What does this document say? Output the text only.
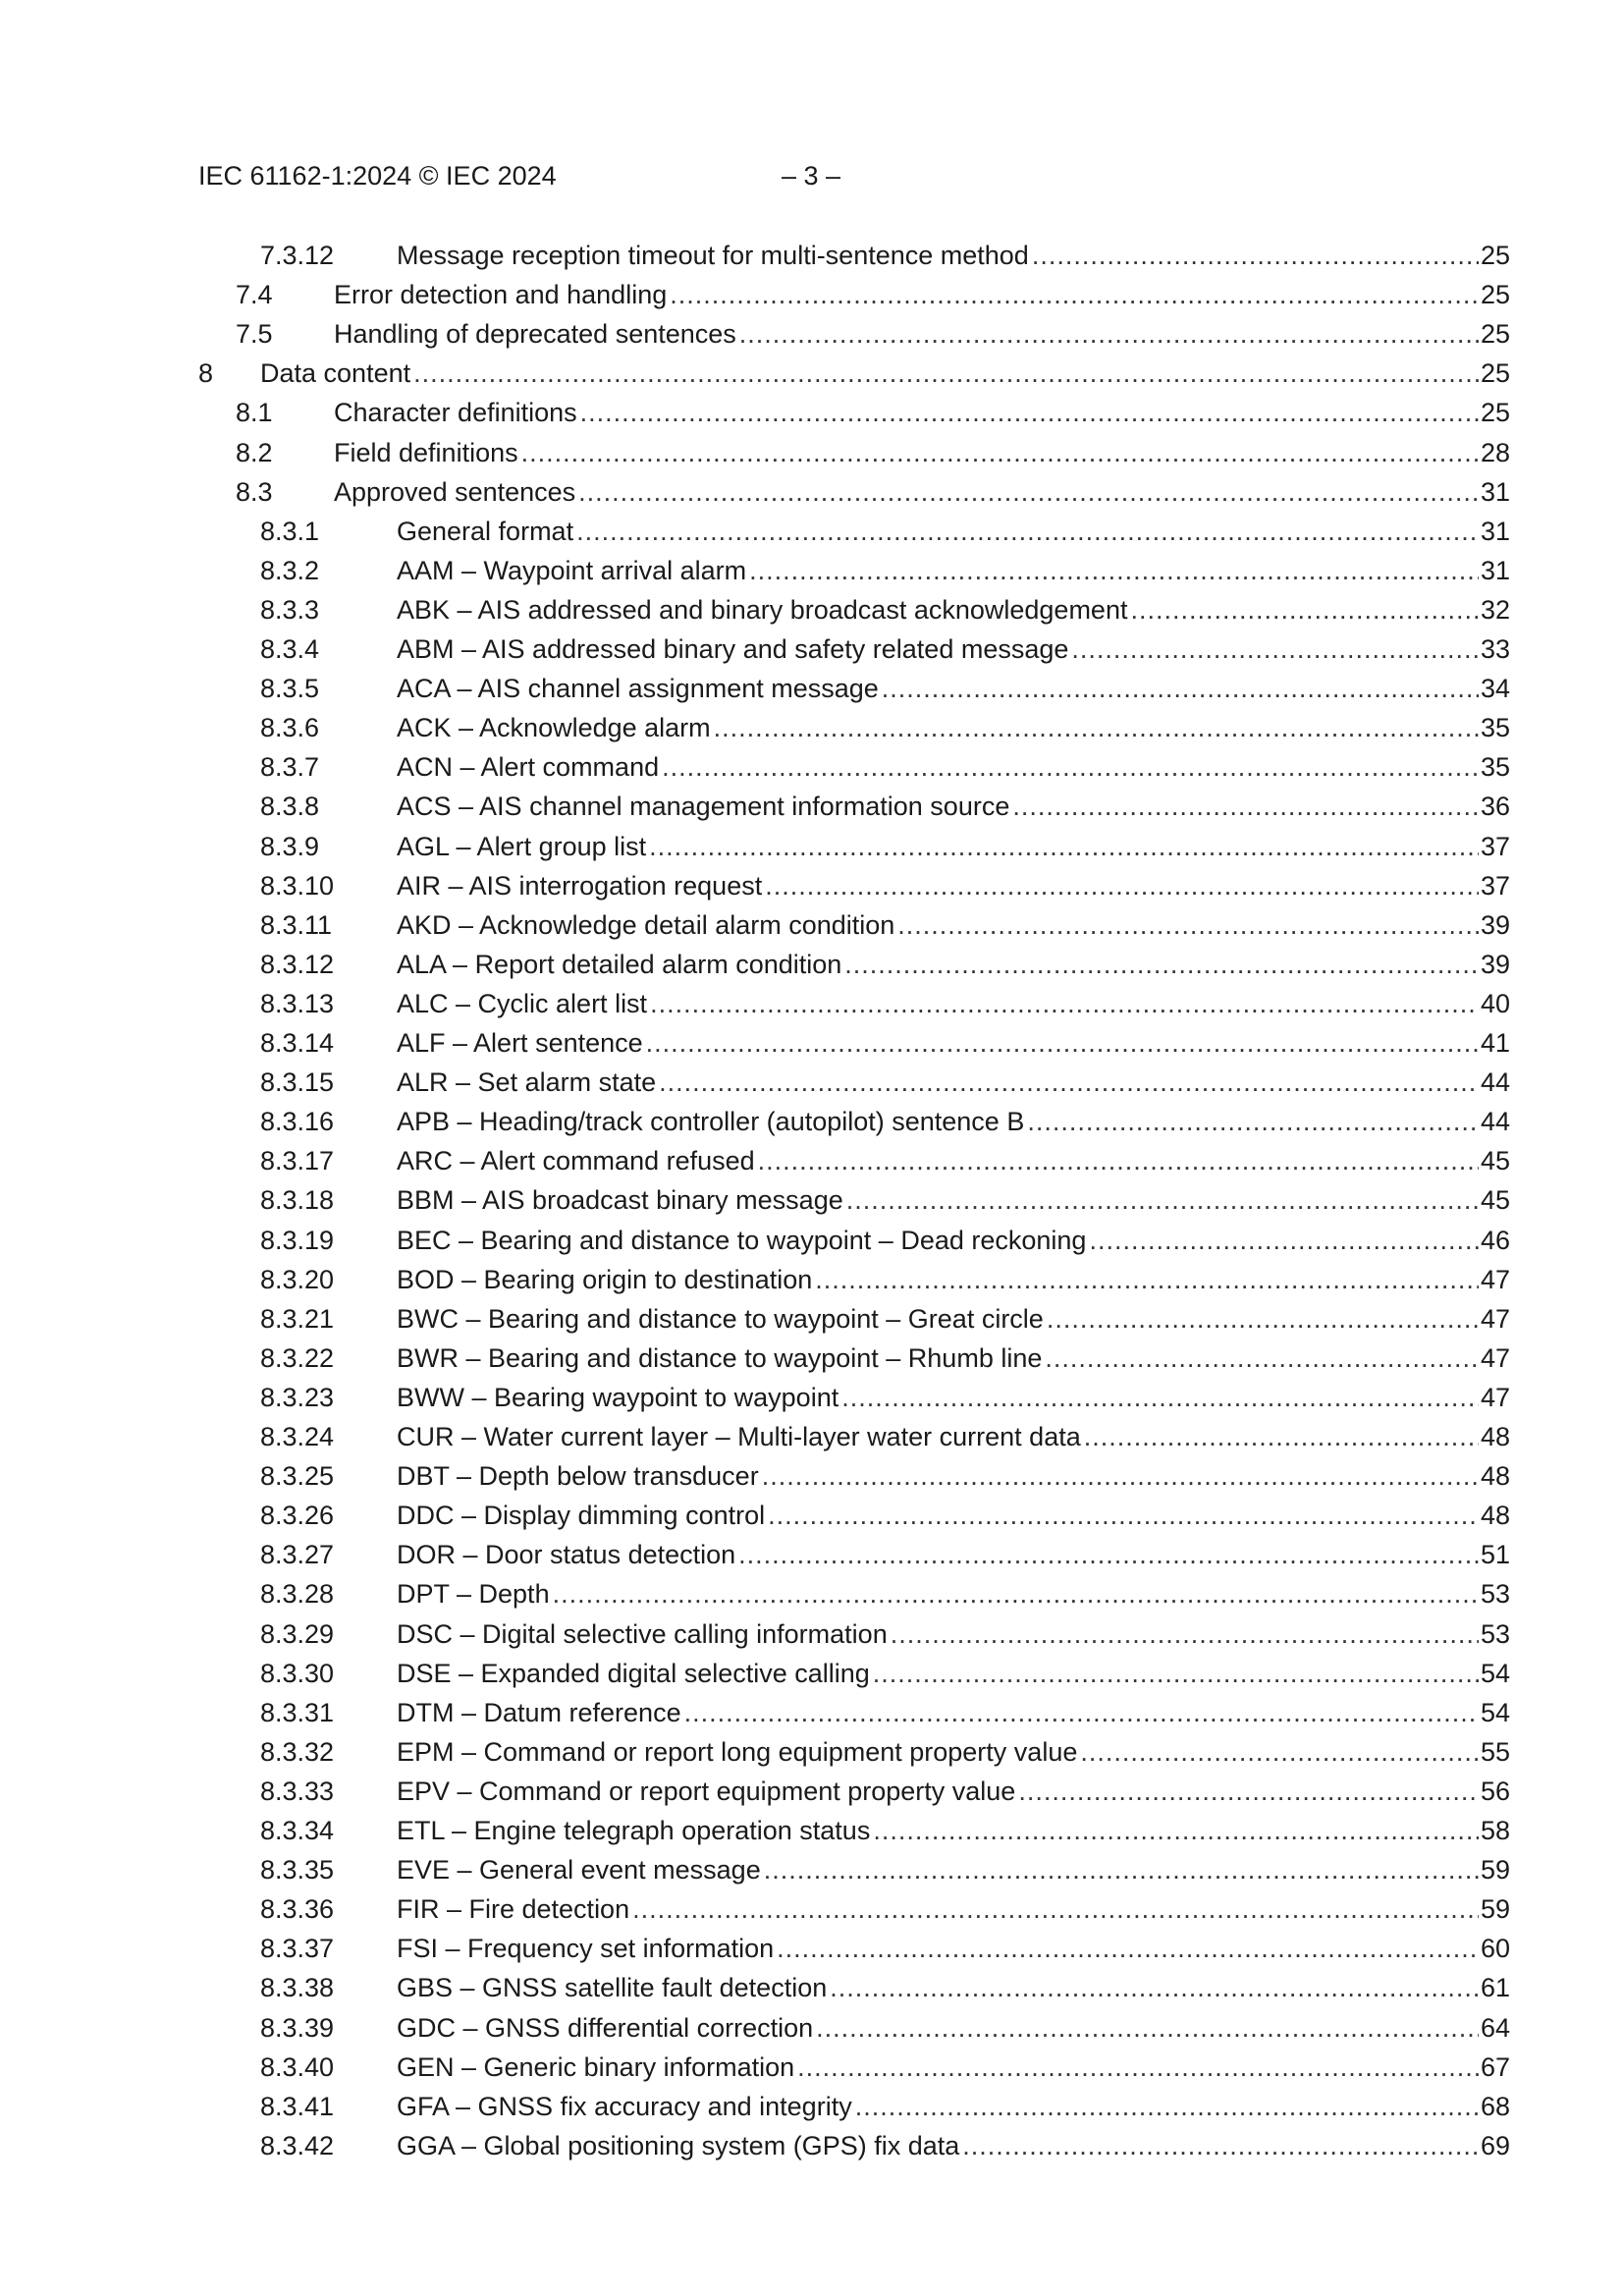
IEC 61162-1:2024 © IEC 2024	– 3 –
7.3.12 Message reception timeout for multi-sentence method .....	25
7.4 Error detection and handling .....	25
7.5 Handling of deprecated sentences .....	25
8 Data content .....	25
8.1 Character definitions .....	25
8.2 Field definitions .....	28
8.3 Approved sentences .....	31
8.3.1	General format .....	31
8.3.2	AAM – Waypoint arrival alarm .....	31
8.3.3	ABK – AIS addressed and binary broadcast acknowledgement .....	32
8.3.4	ABM – AIS addressed binary and safety related message .....	33
8.3.5	ACA – AIS channel assignment message .....	34
8.3.6	ACK – Acknowledge alarm .....	35
8.3.7	ACN – Alert command .....	35
8.3.8	ACS – AIS channel management information source .....	36
8.3.9	AGL – Alert group list .....	37
8.3.10 AIR – AIS interrogation request .....	37
8.3.11 AKD – Acknowledge detail alarm condition .....	39
8.3.12 ALA – Report detailed alarm condition .....	39
8.3.13 ALC – Cyclic alert list .....	40
8.3.14 ALF – Alert sentence .....	41
8.3.15 ALR – Set alarm state .....	44
8.3.16 APB – Heading/track controller (autopilot) sentence B .....	44
8.3.17 ARC – Alert command refused .....	45
8.3.18 BBM – AIS broadcast binary message .....	45
8.3.19 BEC – Bearing and distance to waypoint – Dead reckoning .....	46
8.3.20 BOD – Bearing origin to destination .....	47
8.3.21 BWC – Bearing and distance to waypoint – Great circle .....	47
8.3.22 BWR – Bearing and distance to waypoint – Rhumb line .....	47
8.3.23 BWW – Bearing waypoint to waypoint .....	47
8.3.24 CUR – Water current layer – Multi-layer water current data .....	48
8.3.25 DBT – Depth below transducer .....	48
8.3.26 DDC – Display dimming control .....	48
8.3.27 DOR – Door status detection .....	51
8.3.28 DPT – Depth .....	53
8.3.29 DSC – Digital selective calling information .....	53
8.3.30 DSE – Expanded digital selective calling .....	54
8.3.31 DTM – Datum reference .....	54
8.3.32 EPM – Command or report long equipment property value .....	55
8.3.33 EPV – Command or report equipment property value .....	56
8.3.34 ETL – Engine telegraph operation status .....	58
8.3.35 EVE – General event message .....	59
8.3.36 FIR – Fire detection .....	59
8.3.37 FSI – Frequency set information .....	60
8.3.38 GBS – GNSS satellite fault detection .....	61
8.3.39 GDC – GNSS differential correction .....	64
8.3.40 GEN – Generic binary information .....	67
8.3.41 GFA – GNSS fix accuracy and integrity .....	68
8.3.42 GGA – Global positioning system (GPS) fix data .....	69
